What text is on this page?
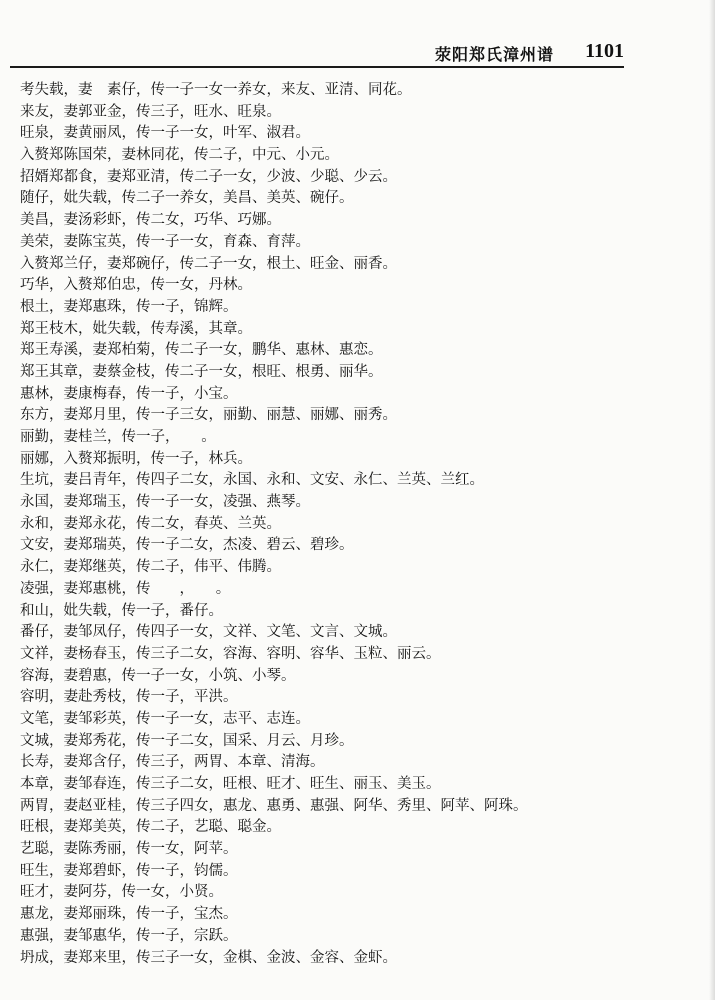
荥阳郑氏漳州谱 1101
考失载，妻　素仔，传一子一女一养女，来友、亚清、同花。
来友，妻郭亚金，传三子，旺水、旺泉。
旺泉，妻黄丽凤，传一子一女，叶军、淑君。
入赘郑陈国荣，妻林同花，传二子，中元、小元。
招婿郑都食，妻郑亚清，传二子一女，少波、少聪、少云。
随仔，妣失载，传二子一养女，美昌、美英、碗仔。
美昌，妻汤彩虾，传二女，巧华、巧娜。
美荣，妻陈宝英，传一子一女，育森、育萍。
入赘郑兰仔，妻郑碗仔，传二子一女，根土、旺金、丽香。
巧华，入赘郑伯忠，传一女，丹林。
根土，妻郑惠珠，传一子，锦辉。
郑王枝木，妣失载，传寿溪，其章。
郑王寿溪，妻郑柏菊，传二子一女，鹏华、惠林、惠恋。
郑王其章，妻蔡金枝，传二子一女，根旺、根勇、丽华。
惠林，妻康梅春，传一子，小宝。
东方，妻郑月里，传一子三女，丽勤、丽慧、丽娜、丽秀。
丽勤，妻桂兰，传一子，　　。
丽娜，入赘郑振明，传一子，林兵。
生坑，妻吕青年，传四子二女，永国、永和、文安、永仁、兰英、兰红。
永国，妻郑瑞玉，传一子一女，凌强、燕琴。
永和，妻郑永花，传二女，春英、兰英。
文安，妻郑瑞英，传一子二女，杰凌、碧云、碧珍。
永仁，妻郑继英，传二子，伟平、伟腾。
凌强，妻郑惠桃，传　　，　　。
和山，妣失载，传一子，番仔。
番仔，妻邹凤仔，传四子一女，文祥、文笔、文言、文城。
文祥，妻杨春玉，传三子二女，容海、容明、容华、玉粒、丽云。
容海，妻碧惠，传一子一女，小筑、小琴。
容明，妻赴秀枝，传一子，平洪。
文笔，妻邹彩英，传一子一女，志平、志连。
文城，妻郑秀花，传一子二女，国采、月云、月珍。
长寿，妻郑含仔，传三子，两胃、本章、清海。
本章，妻邹春连，传三子二女，旺根、旺才、旺生、丽玉、美玉。
两胃，妻赵亚桂，传三子四女，惠龙、惠勇、惠强、阿华、秀里、阿苹、阿珠。
旺根，妻郑美英，传二子，艺聪、聪金。
艺聪，妻陈秀丽，传一女，阿苹。
旺生，妻郑碧虾，传一子，钧儒。
旺才，妻阿芬，传一女，小贤。
惠龙，妻郑丽珠，传一子，宝杰。
惠强，妻邹惠华，传一子，宗跃。
坍成，妻郑来里，传三子一女，金棋、金波、金容、金虾。
